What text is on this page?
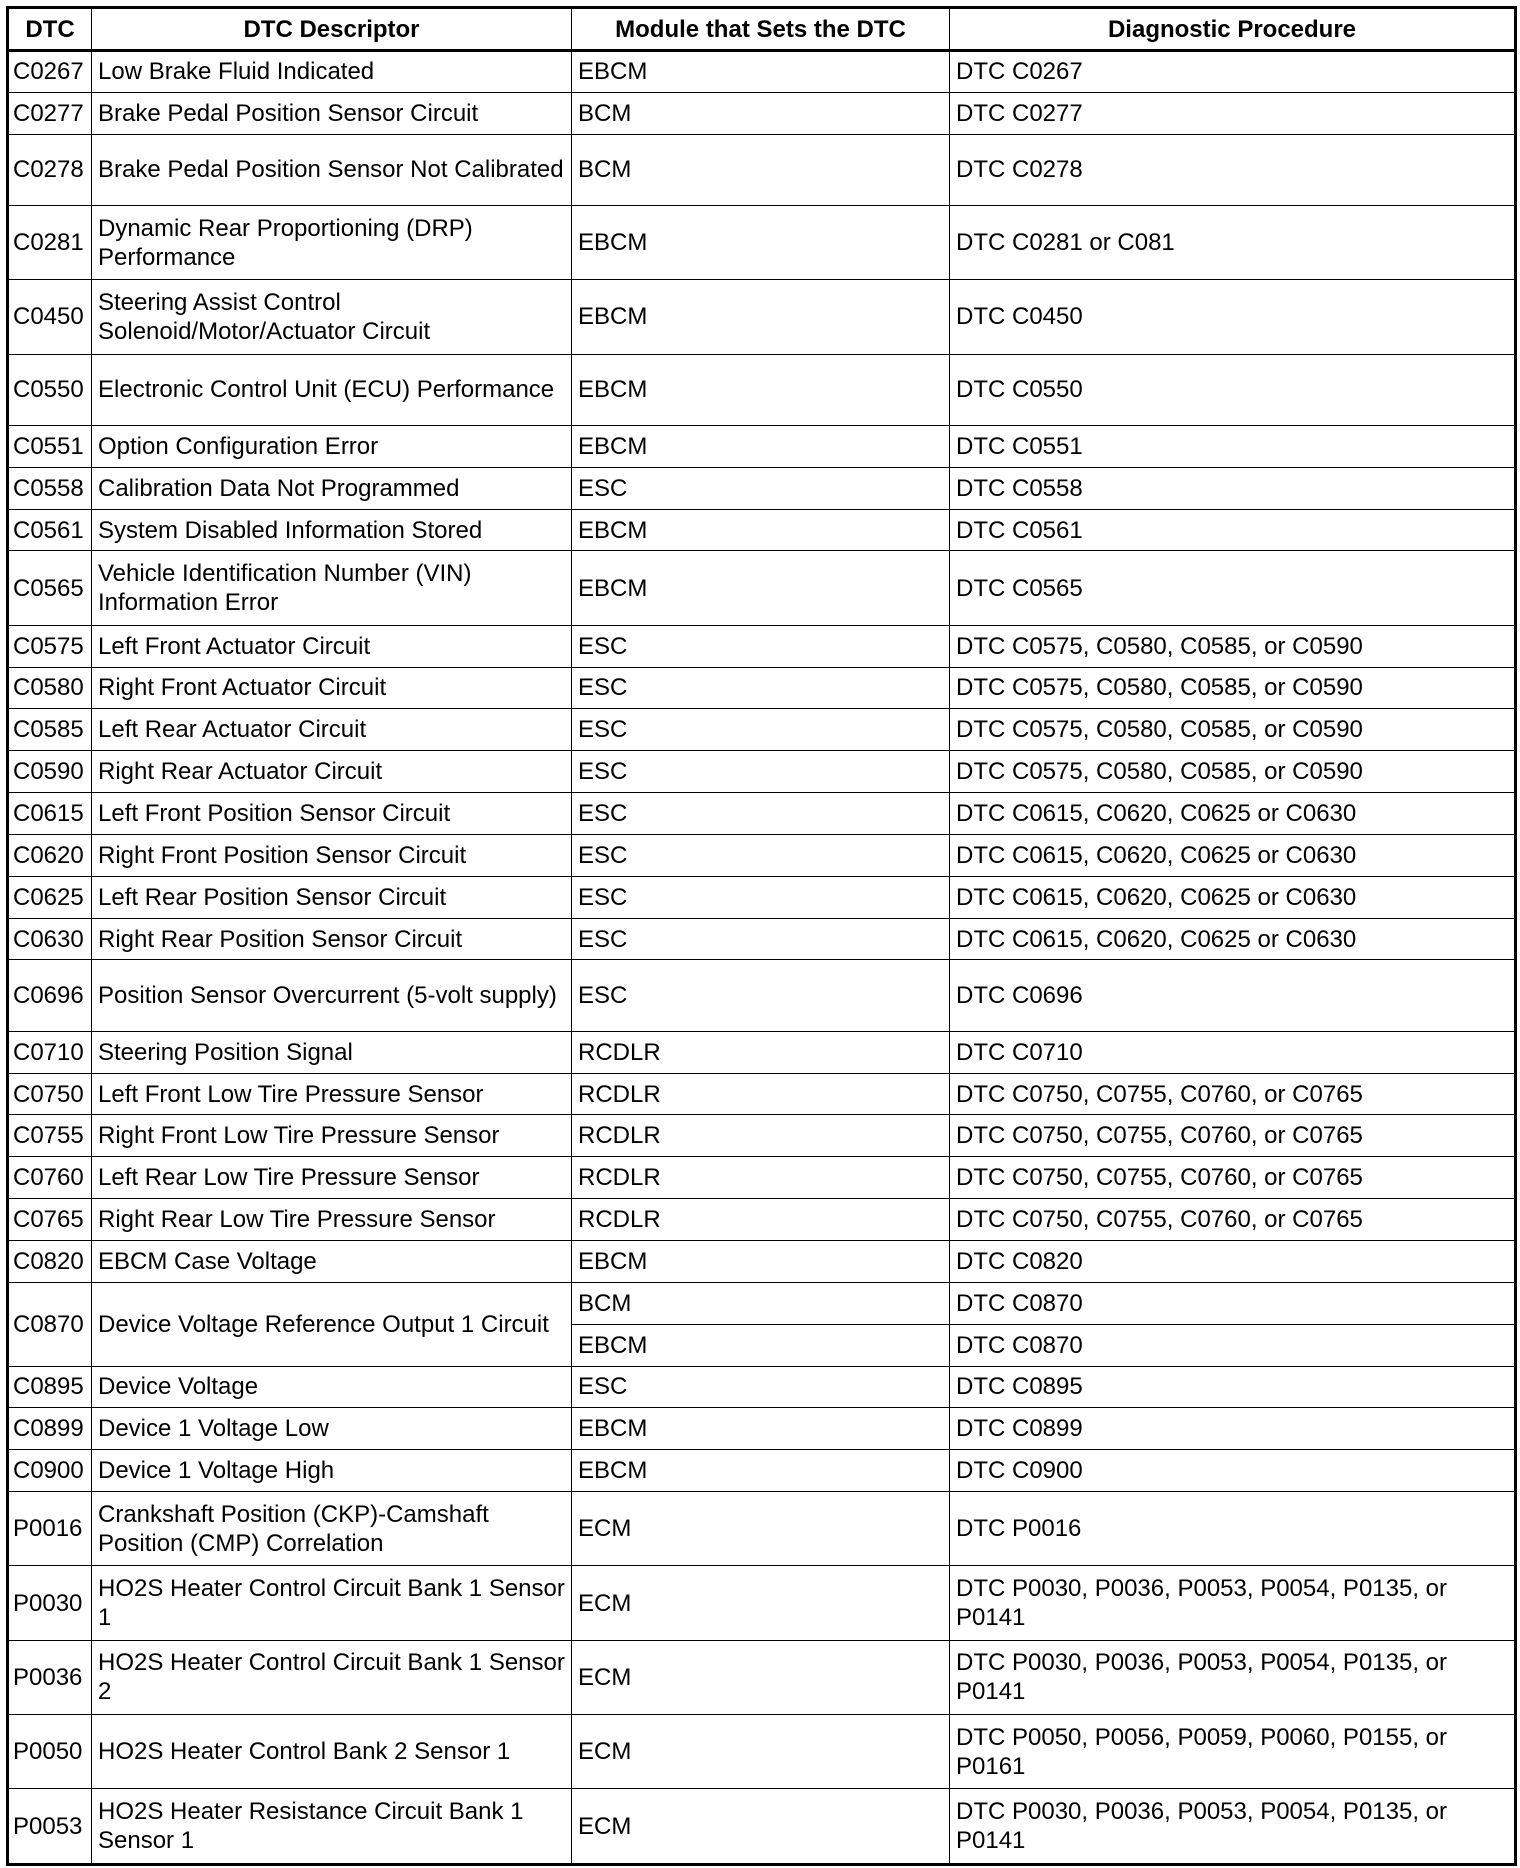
DTC	DTC Descriptor	Module that Sets the DTC	Diagnostic Procedure
C0267	Low Brake Fluid Indicated	EBCM	DTC C0267
C0277	Brake Pedal Position Sensor Circuit	BCM	DTC C0277
C0278	Brake Pedal Position Sensor Not Calibrated	BCM	DTC C0278
C0281	Dynamic Rear Proportioning (DRP) Performance	EBCM	DTC C0281 or C081
C0450	Steering Assist Control Solenoid/Motor/Actuator Circuit	EBCM	DTC C0450
C0550	Electronic Control Unit (ECU) Performance	EBCM	DTC C0550
C0551	Option Configuration Error	EBCM	DTC C0551
C0558	Calibration Data Not Programmed	ESC	DTC C0558
C0561	System Disabled Information Stored	EBCM	DTC C0561
C0565	Vehicle Identification Number (VIN) Information Error	EBCM	DTC C0565
C0575	Left Front Actuator Circuit	ESC	DTC C0575, C0580, C0585, or C0590
C0580	Right Front Actuator Circuit	ESC	DTC C0575, C0580, C0585, or C0590
C0585	Left Rear Actuator Circuit	ESC	DTC C0575, C0580, C0585, or C0590
C0590	Right Rear Actuator Circuit	ESC	DTC C0575, C0580, C0585, or C0590
C0615	Left Front Position Sensor Circuit	ESC	DTC C0615, C0620, C0625 or C0630
C0620	Right Front Position Sensor Circuit	ESC	DTC C0615, C0620, C0625 or C0630
C0625	Left Rear Position Sensor Circuit	ESC	DTC C0615, C0620, C0625 or C0630
C0630	Right Rear Position Sensor Circuit	ESC	DTC C0615, C0620, C0625 or C0630
C0696	Position Sensor Overcurrent (5-volt supply)	ESC	DTC C0696
C0710	Steering Position Signal	RCDLR	DTC C0710
C0750	Left Front Low Tire Pressure Sensor	RCDLR	DTC C0750, C0755, C0760, or C0765
C0755	Right Front Low Tire Pressure Sensor	RCDLR	DTC C0750, C0755, C0760, or C0765
C0760	Left Rear Low Tire Pressure Sensor	RCDLR	DTC C0750, C0755, C0760, or C0765
C0765	Right Rear Low Tire Pressure Sensor	RCDLR	DTC C0750, C0755, C0760, or C0765
C0820	EBCM Case Voltage	EBCM	DTC C0820
C0870	Device Voltage Reference Output 1 Circuit	BCM	DTC C0870
		EBCM	DTC C0870
C0895	Device Voltage	ESC	DTC C0895
C0899	Device 1 Voltage Low	EBCM	DTC C0899
C0900	Device 1 Voltage High	EBCM	DTC C0900
P0016	Crankshaft Position (CKP)-Camshaft Position (CMP) Correlation	ECM	DTC P0016
P0030	HO2S Heater Control Circuit Bank 1 Sensor 1	ECM	DTC P0030, P0036, P0053, P0054, P0135, or P0141
P0036	HO2S Heater Control Circuit Bank 1 Sensor 2	ECM	DTC P0030, P0036, P0053, P0054, P0135, or P0141
P0050	HO2S Heater Control Bank 2 Sensor 1	ECM	DTC P0050, P0056, P0059, P0060, P0155, or P0161
P0053	HO2S Heater Resistance Circuit Bank 1 Sensor 1	ECM	DTC P0030, P0036, P0053, P0054, P0135, or P0141
